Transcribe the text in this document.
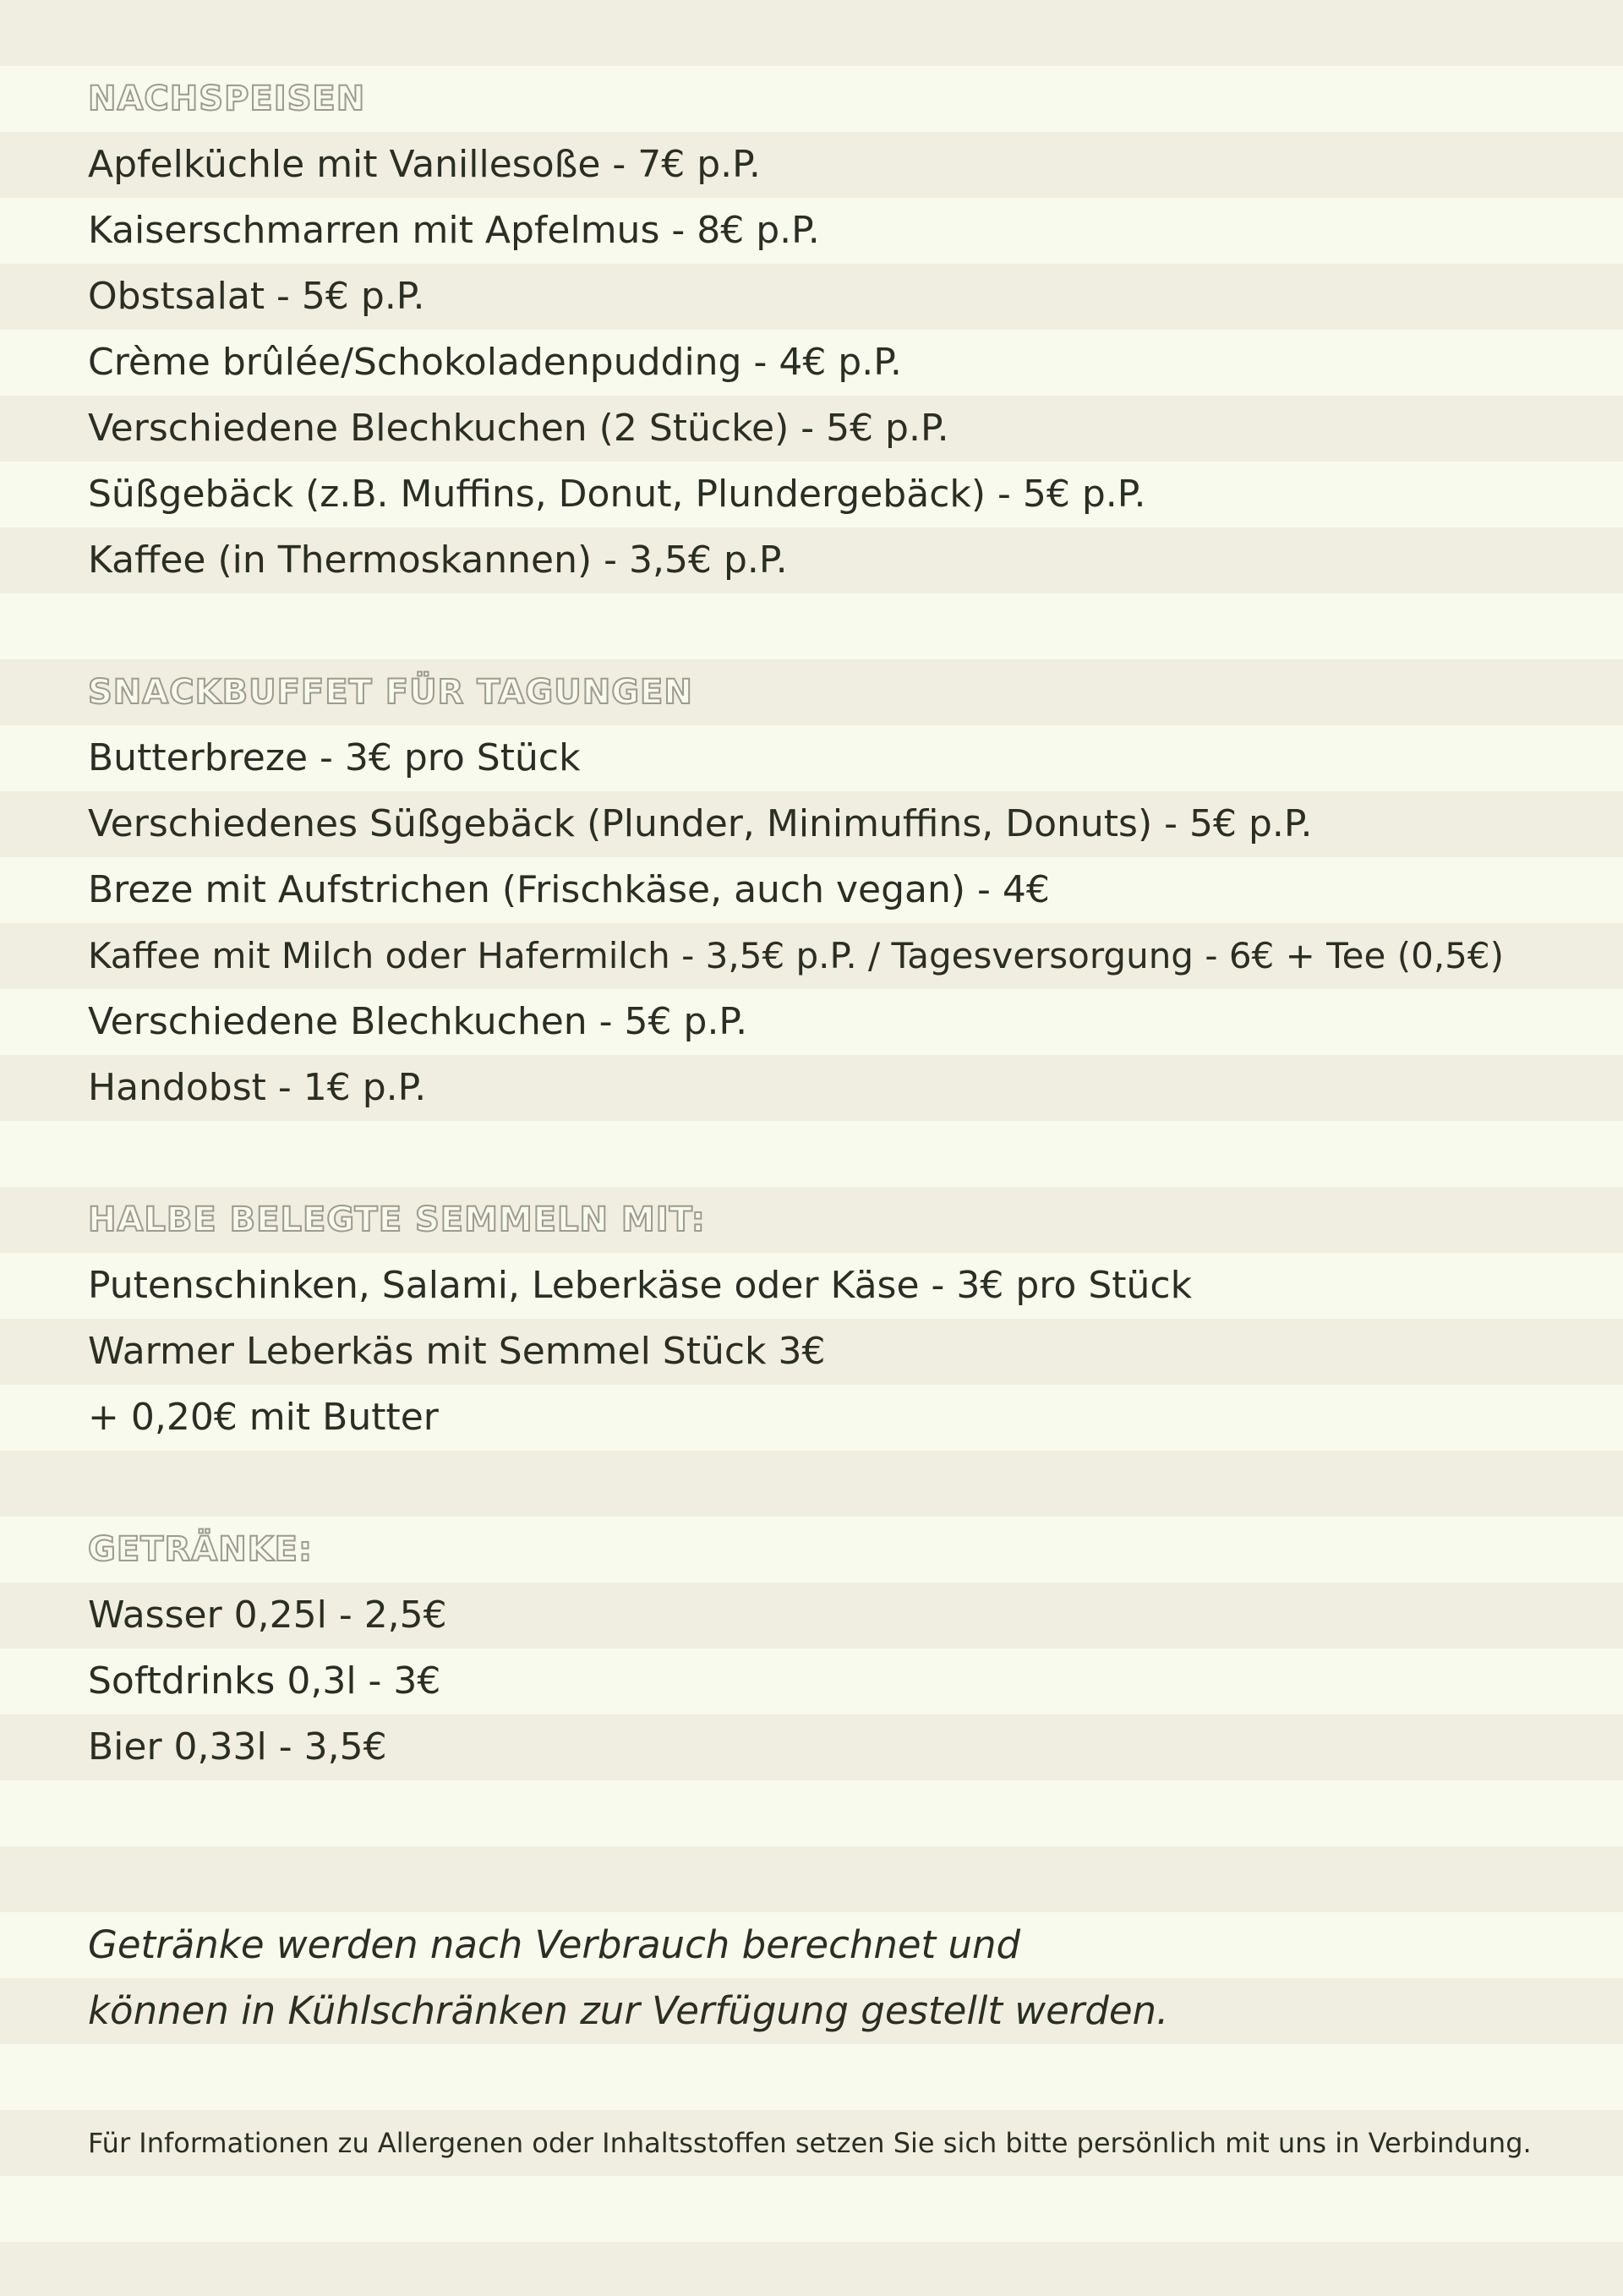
NACHSPEISEN
Apfelküchle mit Vanillesoße - 7€ p.P.
Kaiserschmarren mit Apfelmus - 8€ p.P.
Obstsalat - 5€ p.P.
Crème brûlée/Schokoladenpudding - 4€ p.P.
Verschiedene Blechkuchen (2 Stücke) - 5€ p.P.
Süßgebäck (z.B. Muffins, Donut, Plundergebäck) - 5€ p.P.
Kaffee (in Thermoskannen) - 3,5€ p.P.
SNACKBUFFET FÜR TAGUNGEN
Butterbreze - 3€ pro Stück
Verschiedenes Süßgebäck (Plunder, Minimuffins, Donuts) - 5€ p.P.
Breze mit Aufstrichen (Frischkäse, auch vegan) - 4€
Kaffee mit Milch oder Hafermilch - 3,5€ p.P. / Tagesversorgung - 6€ + Tee (0,5€)
Verschiedene Blechkuchen - 5€ p.P.
Handobst - 1€ p.P.
HALBE BELEGTE SEMMELN MIT:
Putenschinken, Salami, Leberkäse oder Käse - 3€ pro Stück
Warmer Leberkäs mit Semmel Stück 3€
+ 0,20€ mit Butter
GETRÄNKE:
Wasser 0,25l - 2,5€
Softdrinks 0,3l - 3€
Bier 0,33l - 3,5€
Getränke werden nach Verbrauch berechnet und
können in Kühlschränken zur Verfügung gestellt werden.
Für Informationen zu Allergenen oder Inhaltsstoffen setzen Sie sich bitte persönlich mit uns in Verbindung.
